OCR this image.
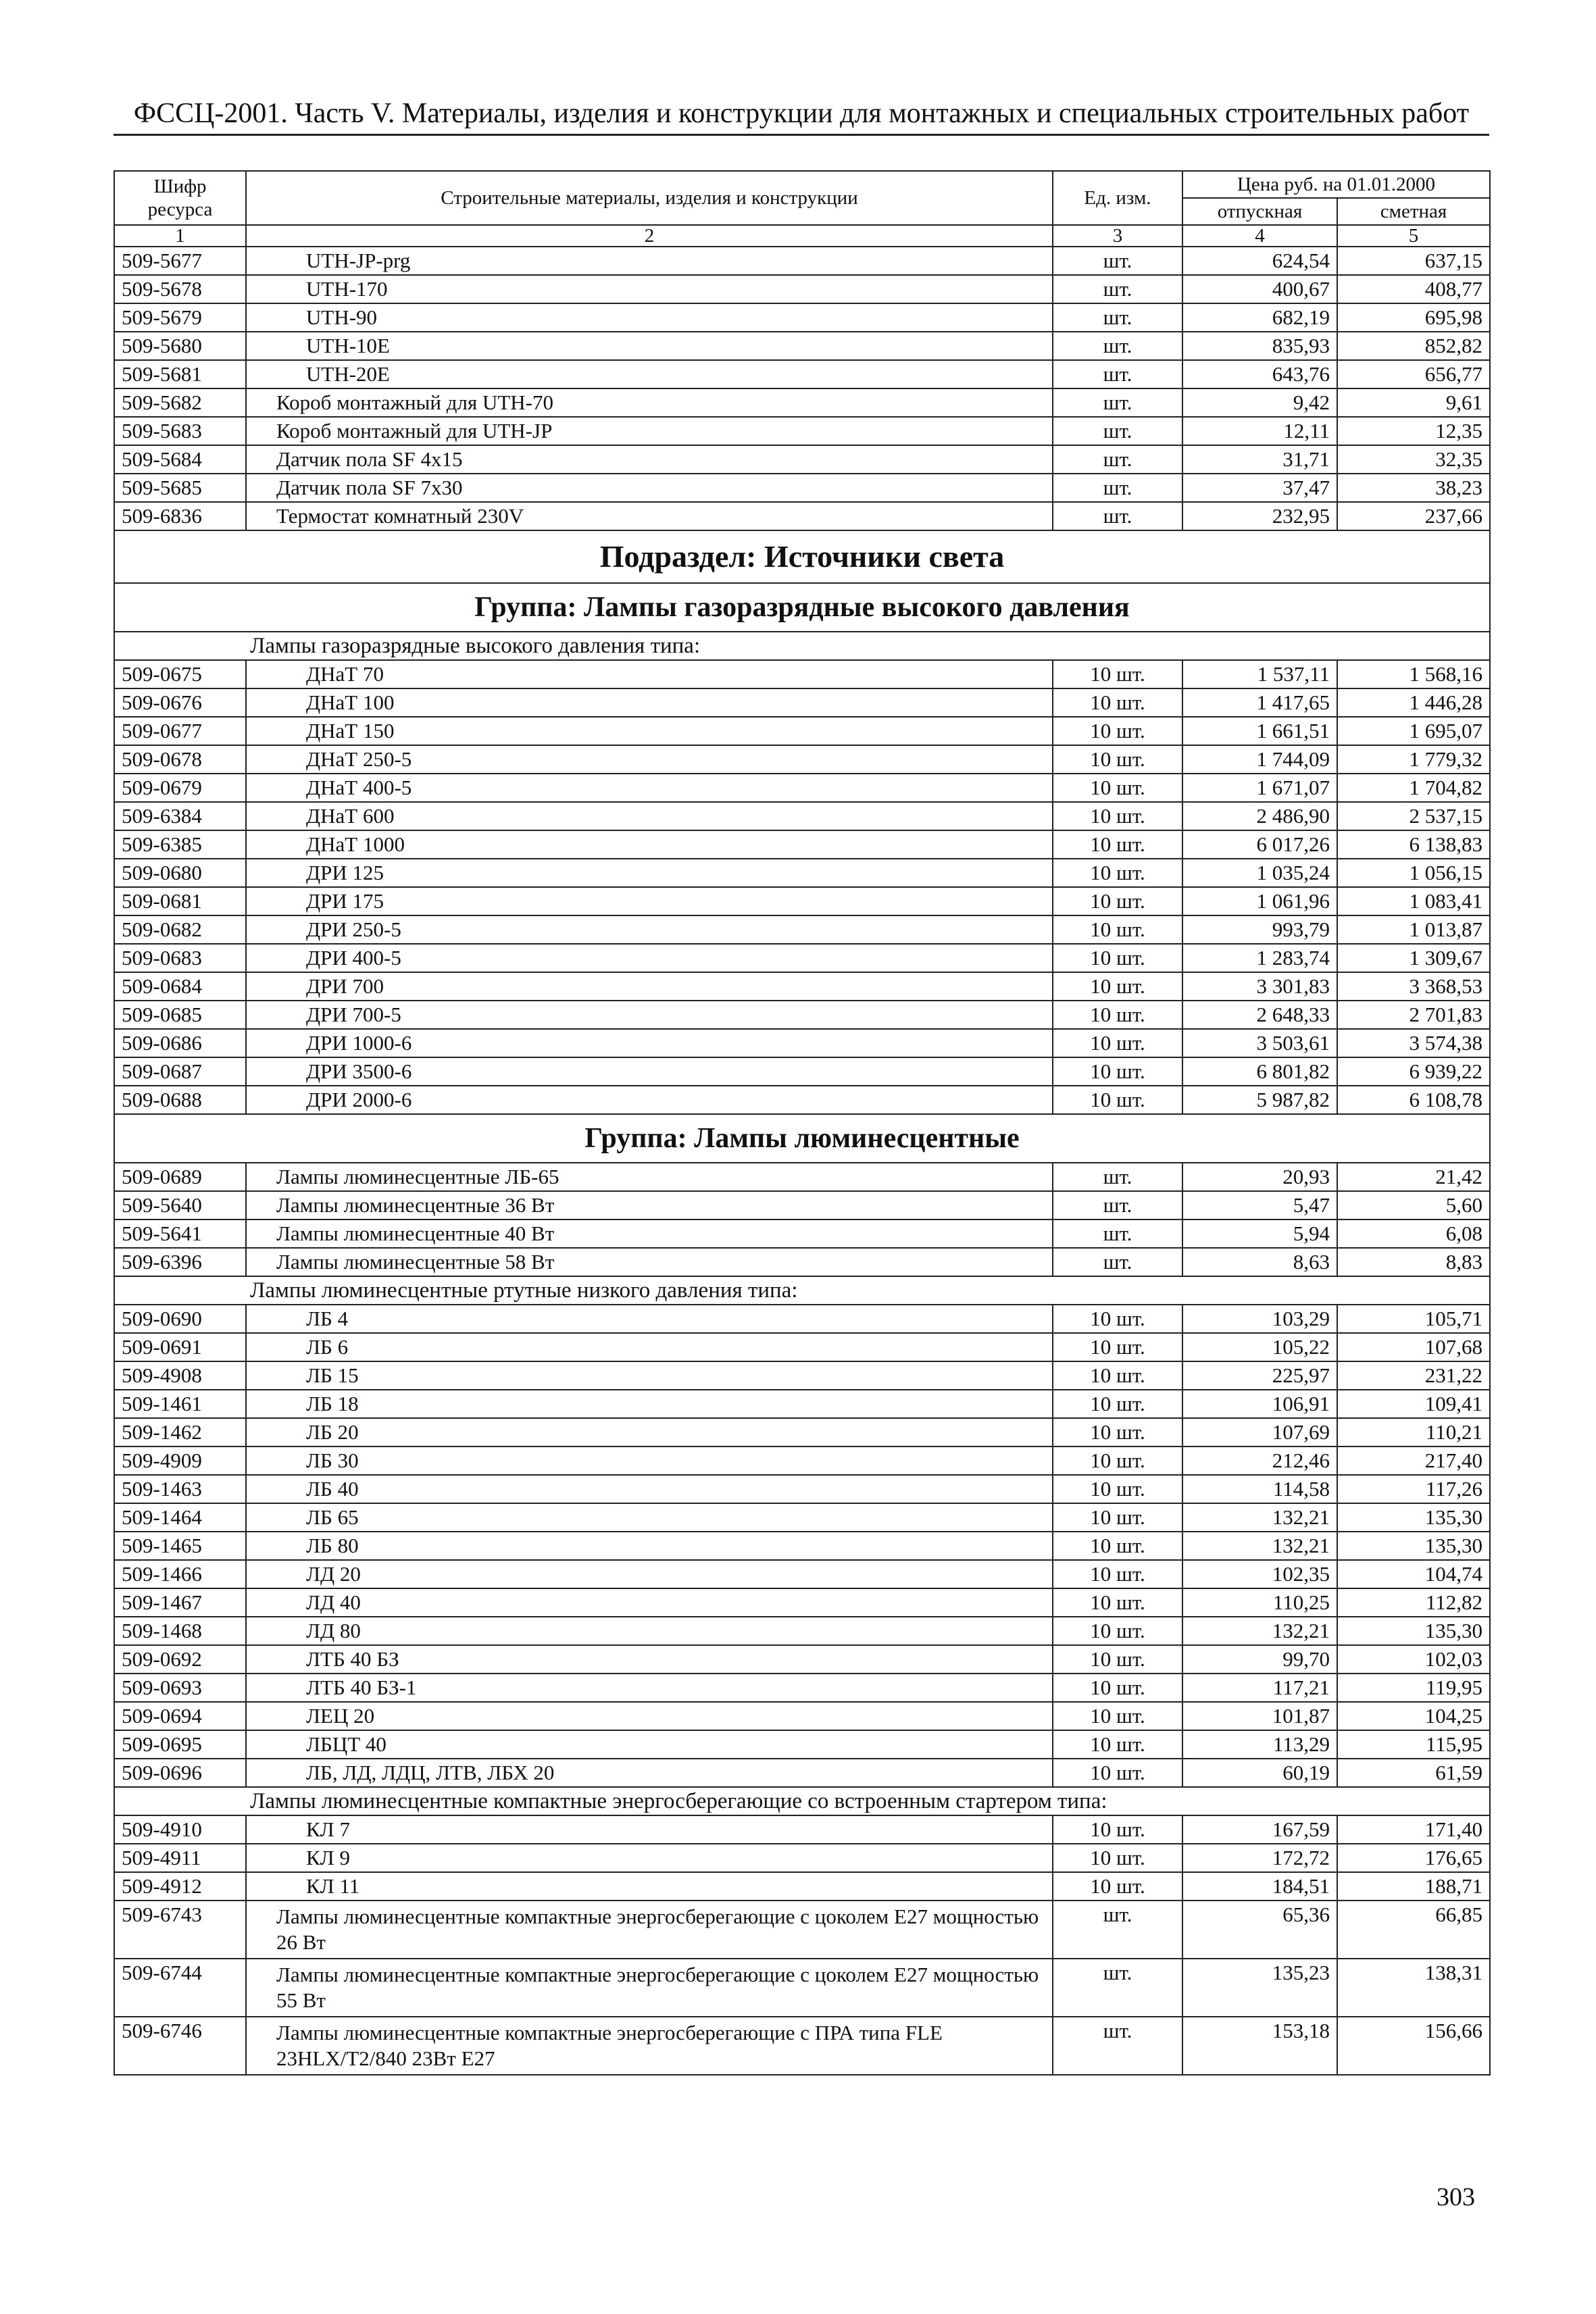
ФССЦ-2001. Часть V. Материалы, изделия и конструкции для монтажных и специальных строительных работ
Шифр ресурса	Строительные материалы, изделия и конструкции	Ед. изм.	Цена руб. на 01.01.2000	
			отпускная	сметная
1	2	3	4	5
509-5677	UTH-JP-prg	шт.	624,54	637,15
509-5678	UTH-170	шт.	400,67	408,77
509-5679	UTH-90	шт.	682,19	695,98
509-5680	UTH-10E	шт.	835,93	852,82
509-5681	UTH-20E	шт.	643,76	656,77
509-5682	Короб монтажный для UTH-70	шт.	9,42	9,61
509-5683	Короб монтажный для UTH-JP	шт.	12,11	12,35
509-5684	Датчик пола SF 4x15	шт.	31,71	32,35
509-5685	Датчик пола SF 7x30	шт.	37,47	38,23
509-6836	Термостат комнатный 230V	шт.	232,95	237,66
Подраздел: Источники света				
Группа: Лампы газоразрядные высокого давления				
Лампы газоразрядные высокого давления типа:				
509-0675	ДНаТ 70	10 шт.	1 537,11	1 568,16
509-0676	ДНаТ 100	10 шт.	1 417,65	1 446,28
509-0677	ДНаТ 150	10 шт.	1 661,51	1 695,07
509-0678	ДНаТ 250-5	10 шт.	1 744,09	1 779,32
509-0679	ДНаТ 400-5	10 шт.	1 671,07	1 704,82
509-6384	ДНаТ 600	10 шт.	2 486,90	2 537,15
509-6385	ДНаТ 1000	10 шт.	6 017,26	6 138,83
509-0680	ДРИ 125	10 шт.	1 035,24	1 056,15
509-0681	ДРИ 175	10 шт.	1 061,96	1 083,41
509-0682	ДРИ 250-5	10 шт.	993,79	1 013,87
509-0683	ДРИ 400-5	10 шт.	1 283,74	1 309,67
509-0684	ДРИ 700	10 шт.	3 301,83	3 368,53
509-0685	ДРИ 700-5	10 шт.	2 648,33	2 701,83
509-0686	ДРИ 1000-6	10 шт.	3 503,61	3 574,38
509-0687	ДРИ 3500-6	10 шт.	6 801,82	6 939,22
509-0688	ДРИ 2000-6	10 шт.	5 987,82	6 108,78
Группа: Лампы люминесцентные				
509-0689	Лампы люминесцентные ЛБ-65	шт.	20,93	21,42
509-5640	Лампы люминесцентные 36 Вт	шт.	5,47	5,60
509-5641	Лампы люминесцентные 40 Вт	шт.	5,94	6,08
509-6396	Лампы люминесцентные 58 Вт	шт.	8,63	8,83
Лампы люминесцентные ртутные низкого давления типа:				
509-0690	ЛБ 4	10 шт.	103,29	105,71
509-0691	ЛБ 6	10 шт.	105,22	107,68
509-4908	ЛБ 15	10 шт.	225,97	231,22
509-1461	ЛБ 18	10 шт.	106,91	109,41
509-1462	ЛБ 20	10 шт.	107,69	110,21
509-4909	ЛБ 30	10 шт.	212,46	217,40
509-1463	ЛБ 40	10 шт.	114,58	117,26
509-1464	ЛБ 65	10 шт.	132,21	135,30
509-1465	ЛБ 80	10 шт.	132,21	135,30
509-1466	ЛД 20	10 шт.	102,35	104,74
509-1467	ЛД 40	10 шт.	110,25	112,82
509-1468	ЛД 80	10 шт.	132,21	135,30
509-0692	ЛТБ 40 БЗ	10 шт.	99,70	102,03
509-0693	ЛТБ 40 БЗ-1	10 шт.	117,21	119,95
509-0694	ЛЕЦ 20	10 шт.	101,87	104,25
509-0695	ЛБЦТ 40	10 шт.	113,29	115,95
509-0696	ЛБ, ЛД, ЛДЦ, ЛТВ, ЛБХ 20	10 шт.	60,19	61,59
Лампы люминесцентные компактные энергосберегающие со встроенным стартером типа:				
509-4910	КЛ 7	10 шт.	167,59	171,40
509-4911	КЛ 9	10 шт.	172,72	176,65
509-4912	КЛ 11	10 шт.	184,51	188,71
509-6743	Лампы люминесцентные компактные энергосберегающие с цоколем Е27 мощностью 26 Вт	шт.	65,36	66,85
509-6744	Лампы люминесцентные компактные энергосберегающие с цоколем Е27 мощностью 55 Вт	шт.	135,23	138,31
509-6746	Лампы люминесцентные компактные энергосберегающие с ПРА типа FLE 23HLX/T2/840 23Вт Е27	шт.	153,18	156,66
303
